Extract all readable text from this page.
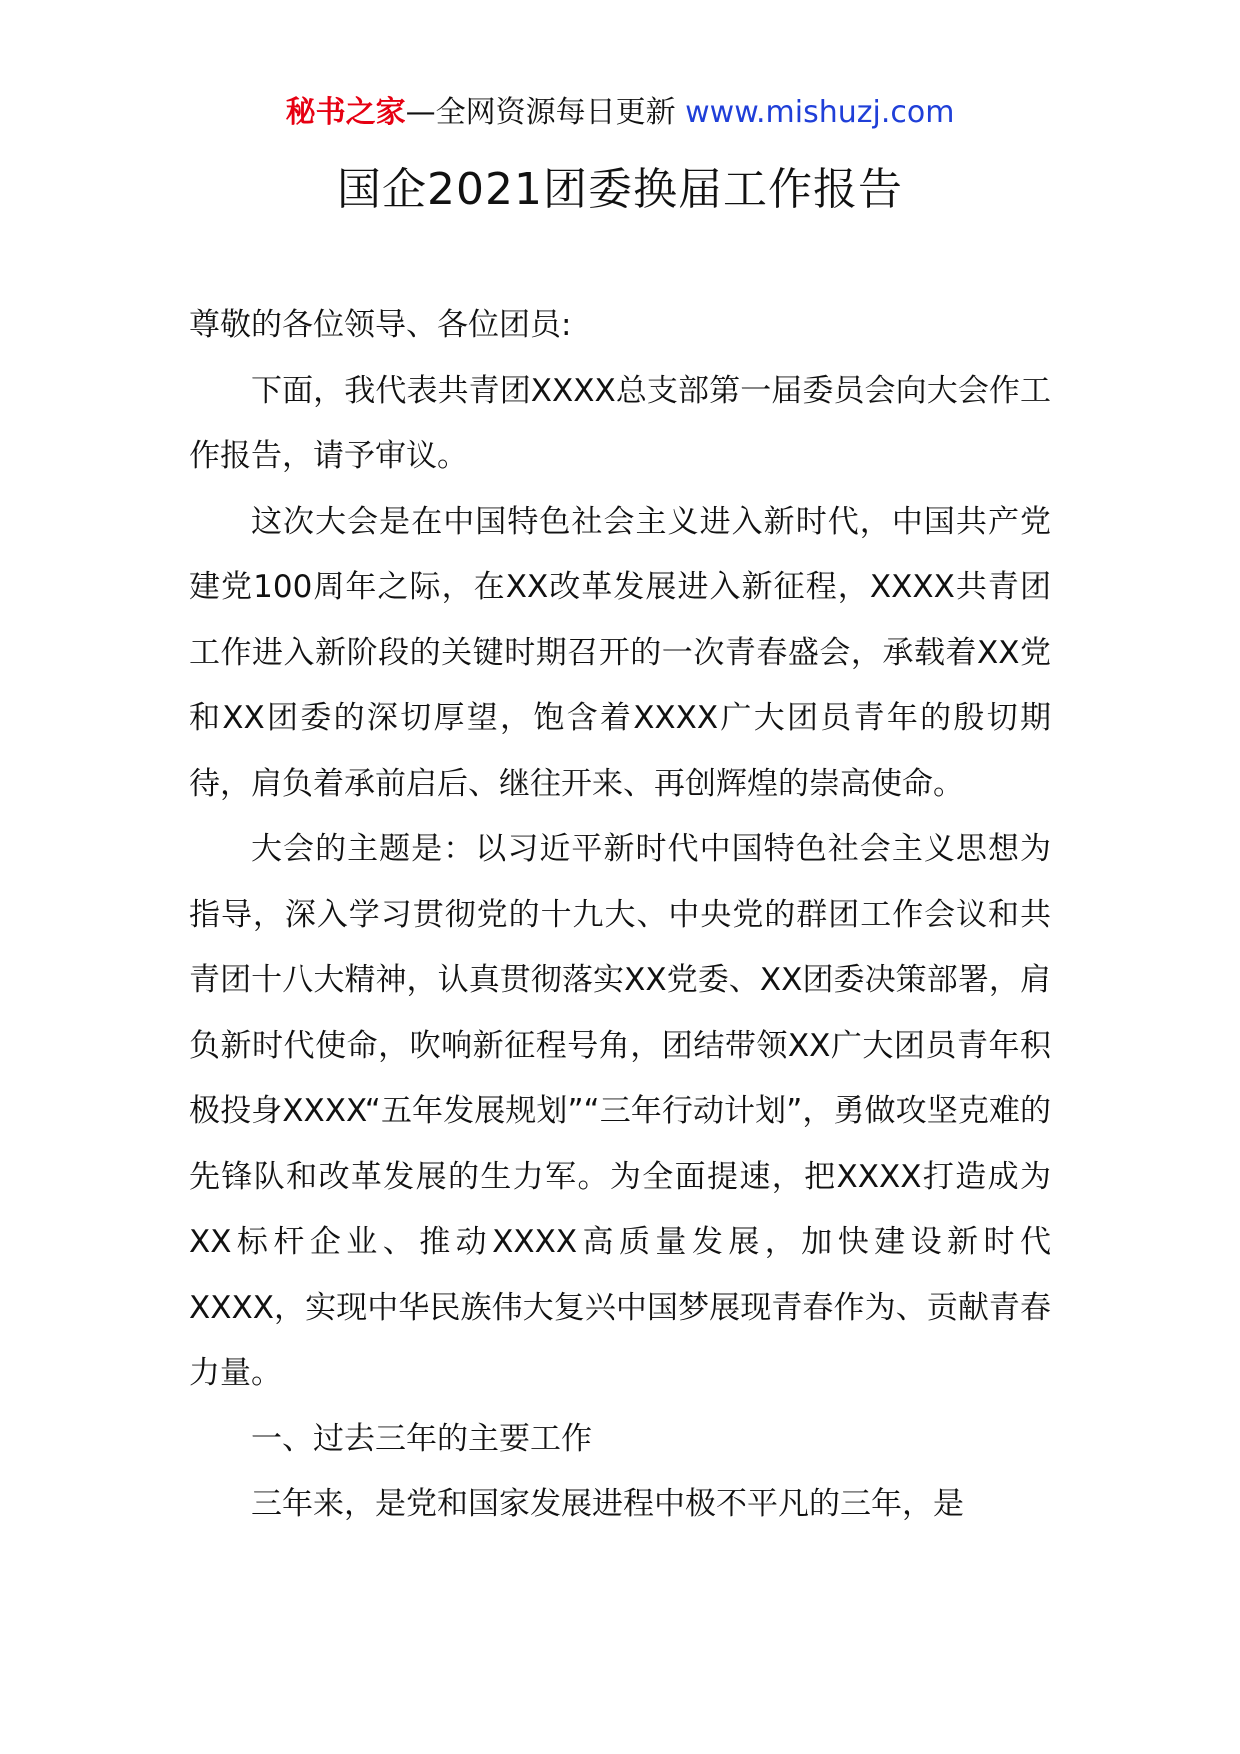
秘书之家—全网资源每日更新 www.mishuzj.com
国企2021团委换届工作报告

尊敬的各位领导、各位团员:

下面，我代表共青团XXXX总支部第一届委员会向大会作工作报告，请予审议。

这次大会是在中国特色社会主义进入新时代，中国共产党建党100周年之际，在XX改革发展进入新征程，XXXX共青团工作进入新阶段的关键时期召开的一次青春盛会，承载着XX党和XX团委的深切厚望，饱含着XXXX广大团员青年的殷切期待，肩负着承前启后、继往开来、再创辉煌的崇高使命。

大会的主题是：以习近平新时代中国特色社会主义思想为指导，深入学习贯彻党的十九大、中央党的群团工作会议和共青团十八大精神，认真贯彻落实XX党委、XX团委决策部署，肩负新时代使命，吹响新征程号角，团结带领XX广大团员青年积极投身XXXX“五年发展规划”“三年行动计划”，勇做攻坚克难的先锋队和改革发展的生力军。为全面提速，把XXXX打造成为XX标杆企业、推动XXXX高质量发展，加快建设新时代XXXX，实现中华民族伟大复兴中国梦展现青春作为、贡献青春力量。

一、过去三年的主要工作

三年来，是党和国家发展进程中极不平凡的三年，是
